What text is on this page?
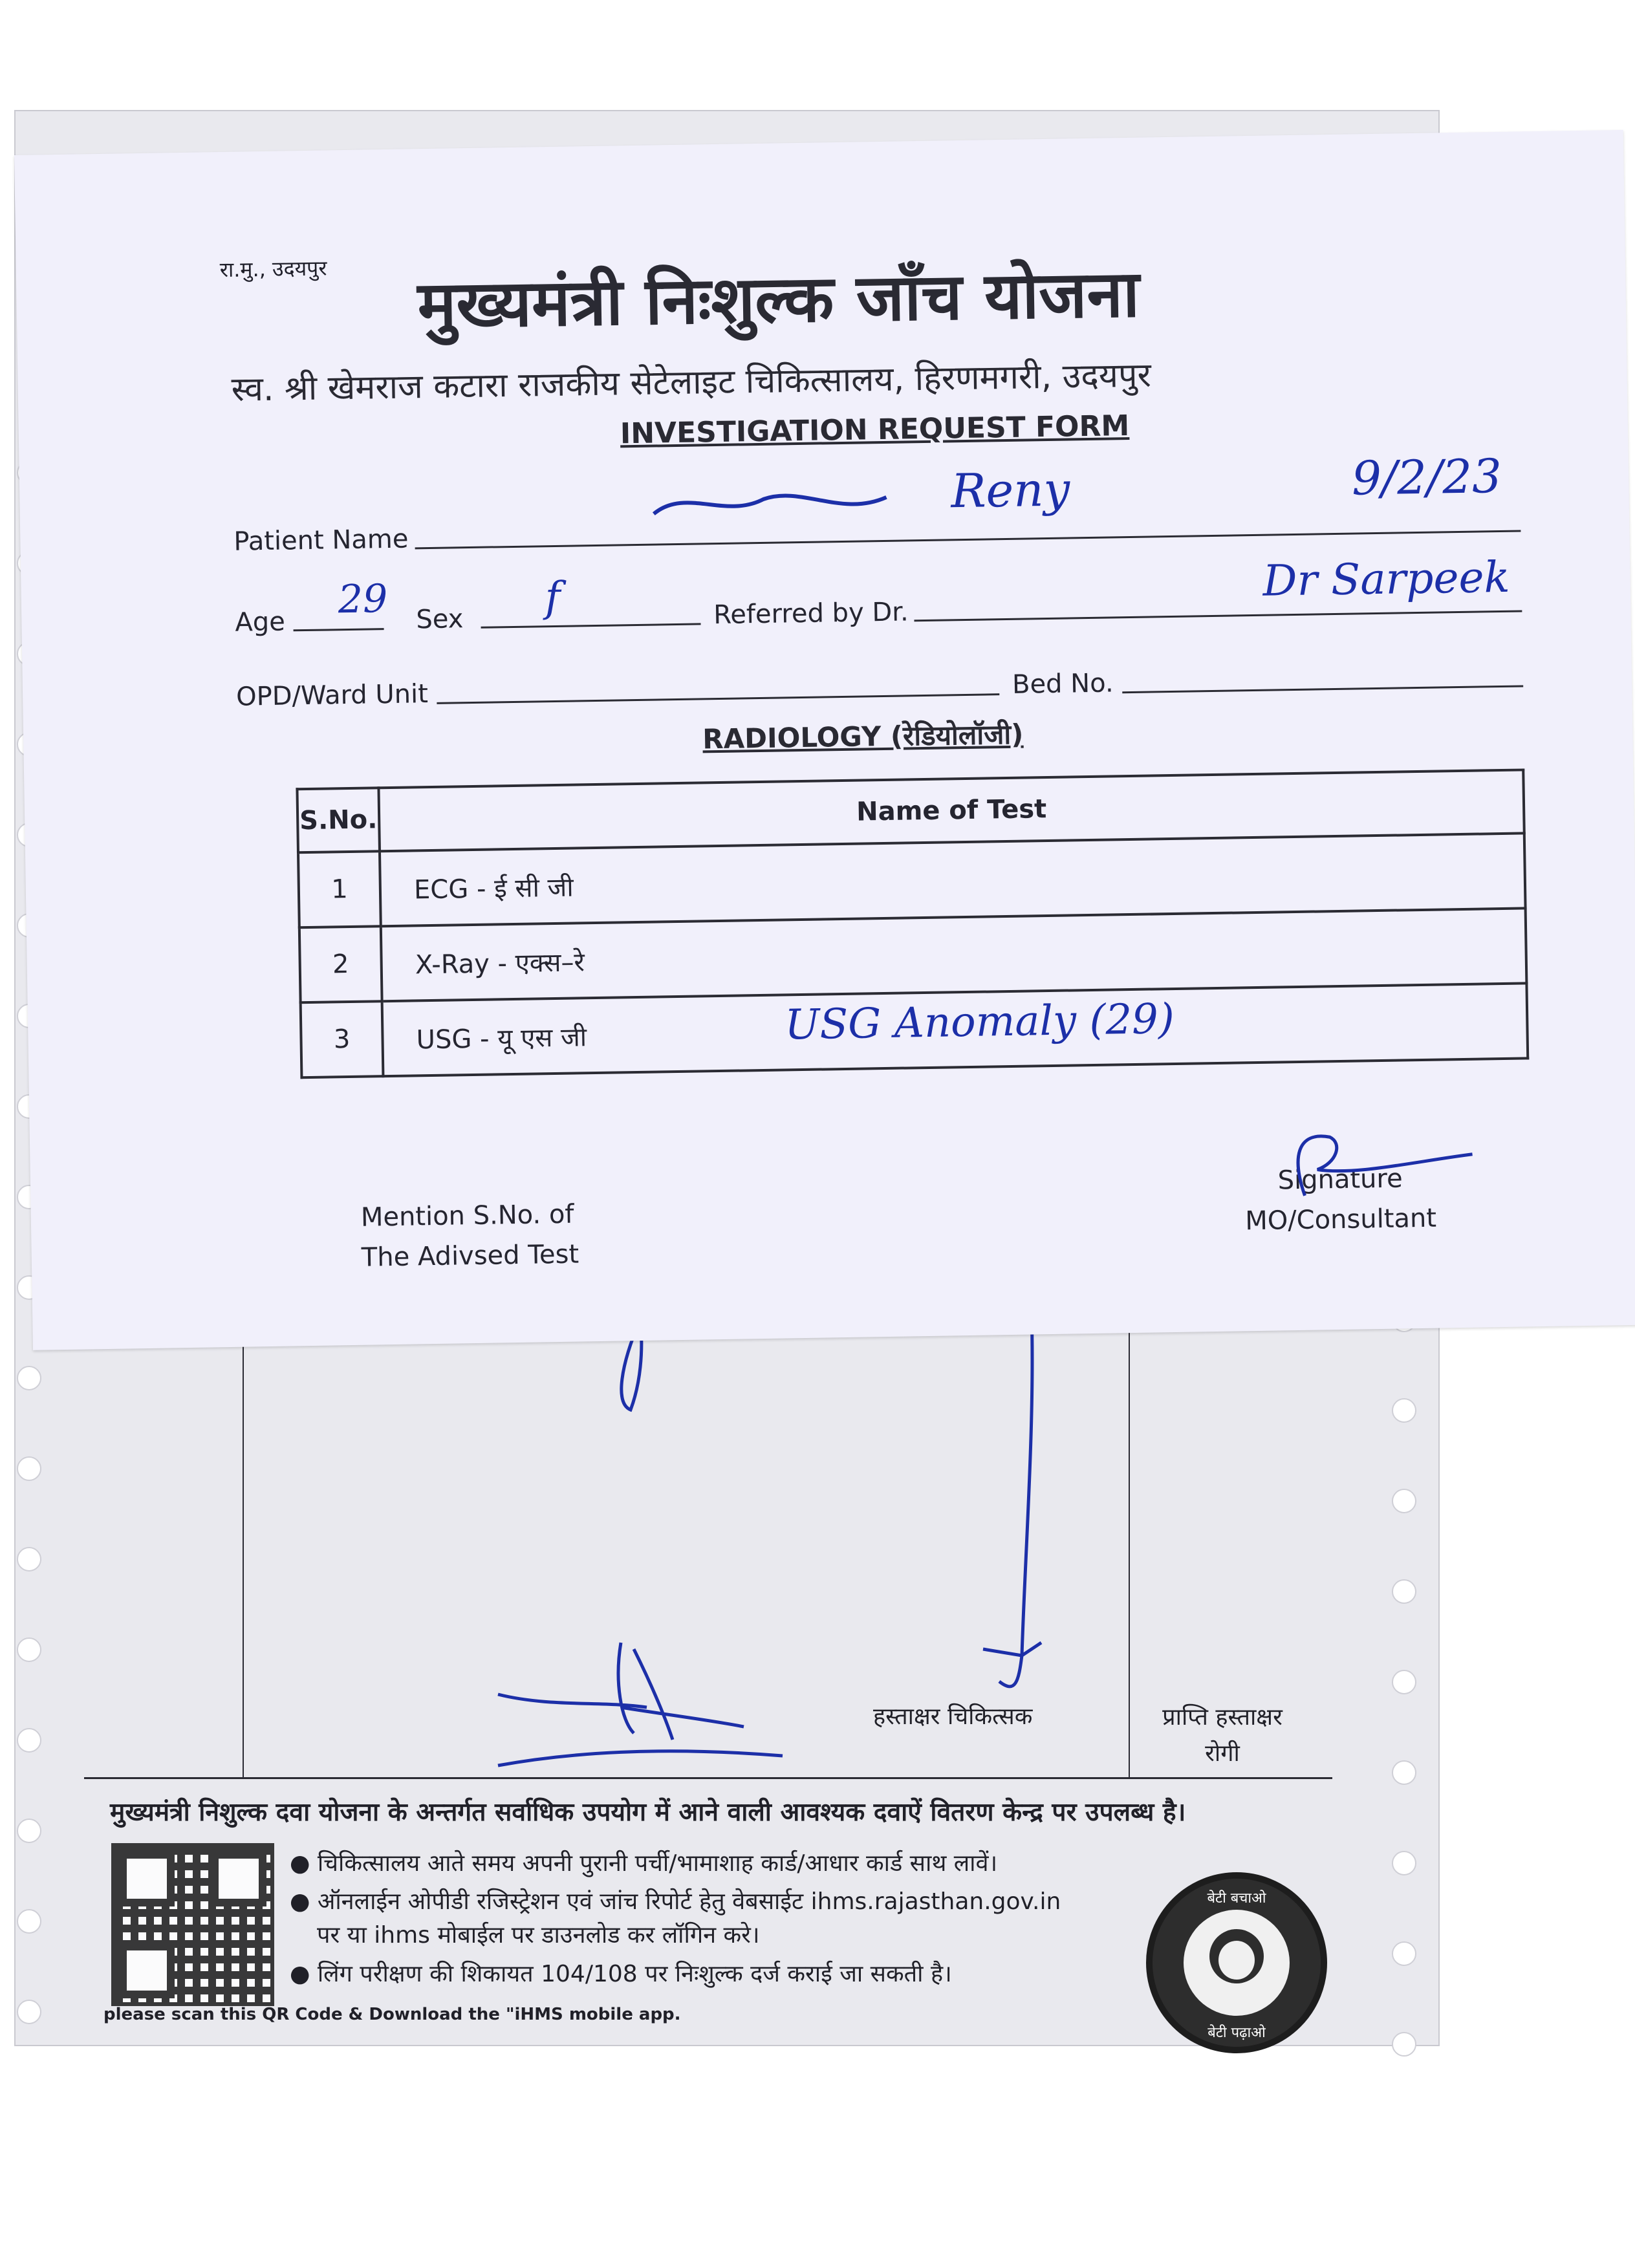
हस्ताक्षर चिकित्सक	प्राप्ति हस्ताक्षर
रोगी
मुख्यमंत्री निशुल्क दवा योजना के अन्तर्गत सर्वाधिक उपयोग में आने वाली आवश्यक दवाऐं वितरण केन्द्र पर उपलब्ध है।
● चिकित्सालय आते समय अपनी पुरानी पर्ची/भामाशाह कार्ड/आधार कार्ड साथ लावें।
● ऑनलाईन ओपीडी रजिस्ट्रेशन एवं जांच रिपोर्ट हेतु वेबसाईट ihms.rajasthan.gov.in
पर या ihms मोबाईल पर डाउनलोड कर लॉगिन करे।
● लिंग परीक्षण की शिकायत 104/108 पर निःशुल्क दर्ज कराई जा सकती है।
please scan this QR Code & Download the "iHMS mobile app.
बेटी बचाओ
बेटी पढ़ाओ
रा.मु., उदयपुर मुख्यमंत्री निःशुल्क जाँच योजना
स्व. श्री खेमराज कटारा राजकीय सेटेलाइट चिकित्सालय, हिरणमगरी, उदयपुर
INVESTIGATION REQUEST FORM
Patient Name
Reny	9/2/23
Age 29 Sex f	Referred by Dr.
Dr Sarpeek
OPD/Ward Unit	Bed No.
RADIOLOGY (रेडियोलॉजी)
S.No.	Name of Test
1	ECG - ई सी जी
2	X-Ray - एक्स–रे
3	USG - यू एस जी USG Anomaly (29)
Mention S.No. of
The Adivsed Test
Signature
MO/Consultant
